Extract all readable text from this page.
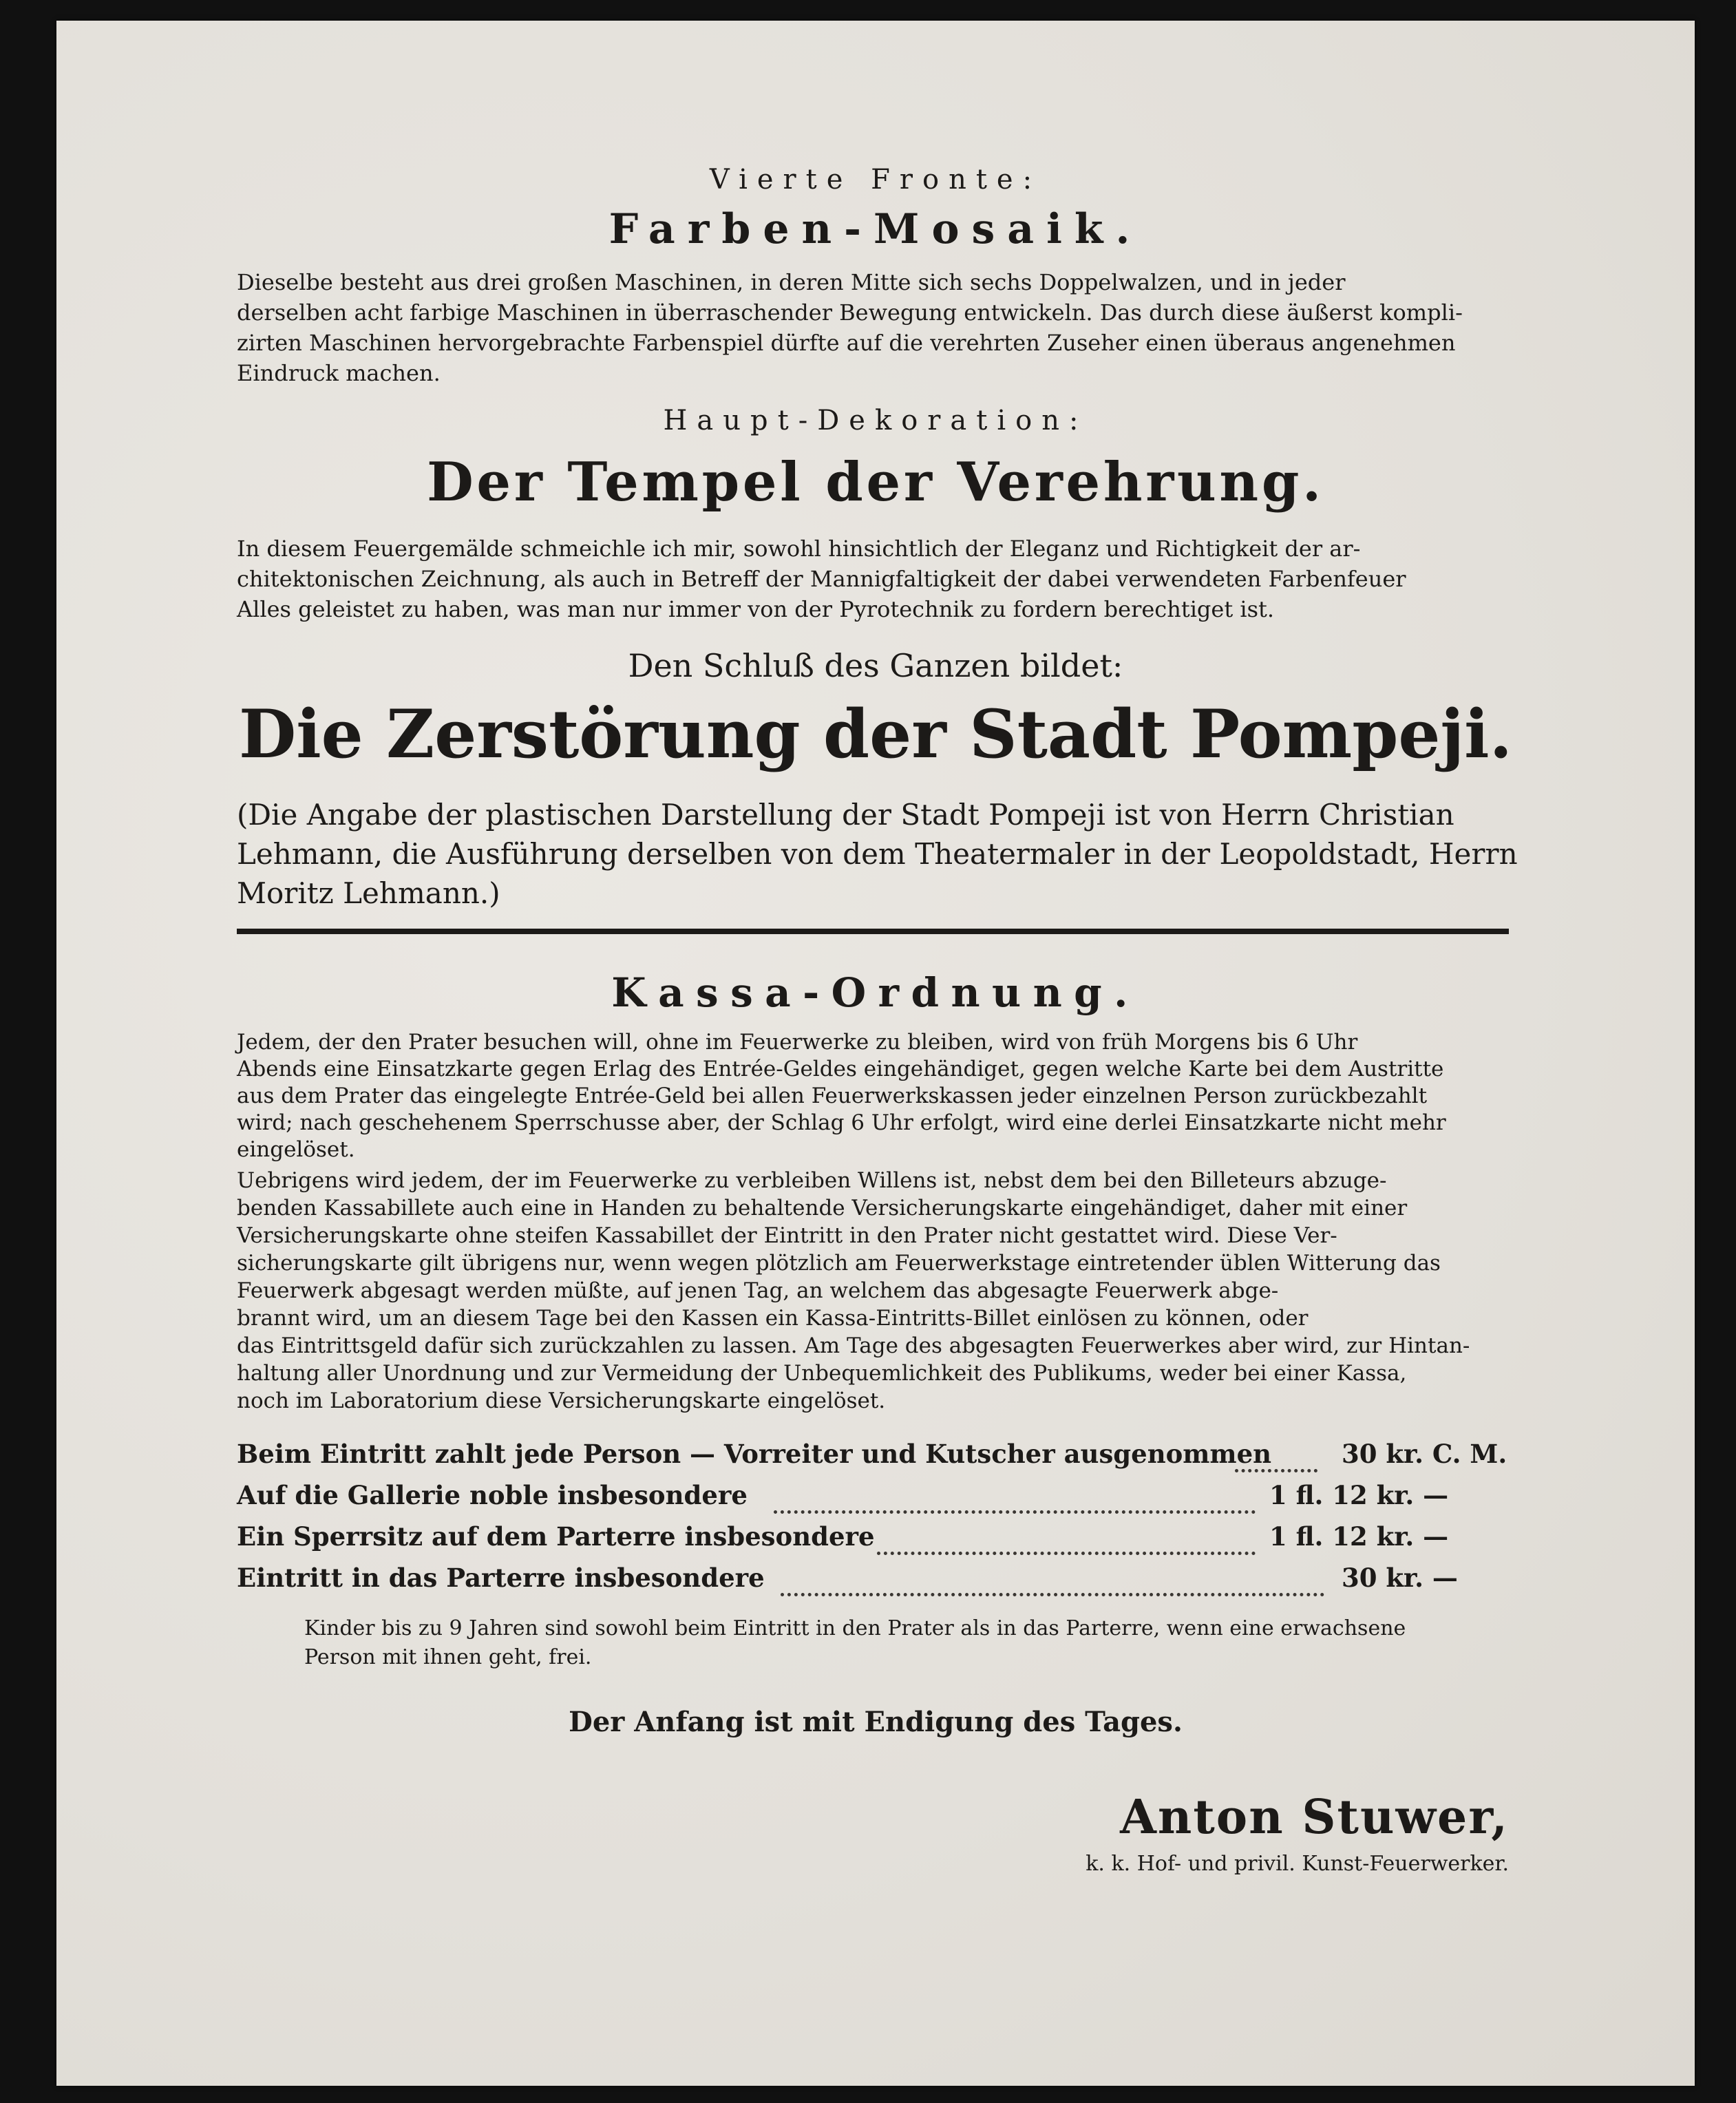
Vierte Fronte:
Farben-Mosaik.
Dieselbe besteht aus drei großen Maschinen, in deren Mitte sich sechs Doppelwalzen, und in jeder
derselben acht farbige Maschinen in überraschender Bewegung entwickeln. Das durch diese äußerst kompli-
zirten Maschinen hervorgebrachte Farbenspiel dürfte auf die verehrten Zuseher einen überaus angenehmen
Eindruck machen.
Haupt-Dekoration:
Der Tempel der Verehrung.
In diesem Feuergemälde schmeichle ich mir, sowohl hinsichtlich der Eleganz und Richtigkeit der ar-
chitektonischen Zeichnung, als auch in Betreff der Mannigfaltigkeit der dabei verwendeten Farbenfeuer
Alles geleistet zu haben, was man nur immer von der Pyrotechnik zu fordern berechtiget ist.
Den Schluß des Ganzen bildet:
Die Zerstörung der Stadt Pompeji.
(Die Angabe der plastischen Darstellung der Stadt Pompeji ist von Herrn Christian
Lehmann, die Ausführung derselben von dem Theatermaler in der Leopoldstadt, Herrn
Moritz Lehmann.)
Kassa-Ordnung.
Jedem, der den Prater besuchen will, ohne im Feuerwerke zu bleiben, wird von früh Morgens bis 6 Uhr
Abends eine Einsatzkarte gegen Erlag des Entrée-Geldes eingehändiget, gegen welche Karte bei dem Austritte
aus dem Prater das eingelegte Entrée-Geld bei allen Feuerwerkskassen jeder einzelnen Person zurückbezahlt
wird; nach geschehenem Sperrschusse aber, der Schlag 6 Uhr erfolgt, wird eine derlei Einsatzkarte nicht mehr
eingelöset.
Uebrigens wird jedem, der im Feuerwerke zu verbleiben Willens ist, nebst dem bei den Billeteurs abzuge-
benden Kassabillete auch eine in Handen zu behaltende Versicherungskarte eingehändiget, daher mit einer
Versicherungskarte ohne steifen Kassabillet der Eintritt in den Prater nicht gestattet wird. Diese Ver-
sicherungskarte gilt übrigens nur, wenn wegen plötzlich am Feuerwerkstage eintretender üblen Witterung das
Feuerwerk abgesagt werden müßte, auf jenen Tag, an welchem das abgesagte Feuerwerk abge-
brannt wird, um an diesem Tage bei den Kassen ein Kassa-Eintritts-Billet einlösen zu können, oder
das Eintrittsgeld dafür sich zurückzahlen zu lassen. Am Tage des abgesagten Feuerwerkes aber wird, zur Hintan-
haltung aller Unordnung und zur Vermeidung der Unbequemlichkeit des Publikums, weder bei einer Kassa,
noch im Laboratorium diese Versicherungskarte eingelöset.
Beim Eintritt zahlt jede Person — Vorreiter und Kutscher ausgenommen	30 kr. C. M.
Auf die Gallerie noble insbesondere	1 fl. 12 kr. —
Ein Sperrsitz auf dem Parterre insbesondere	1 fl. 12 kr. —
Eintritt in das Parterre insbesondere	30 kr. —
Kinder bis zu 9 Jahren sind sowohl beim Eintritt in den Prater als in das Parterre, wenn eine erwachsene
Person mit ihnen geht, frei.
Der Anfang ist mit Endigung des Tages.
Anton Stuwer,
k. k. Hof- und privil. Kunst-Feuerwerker.
